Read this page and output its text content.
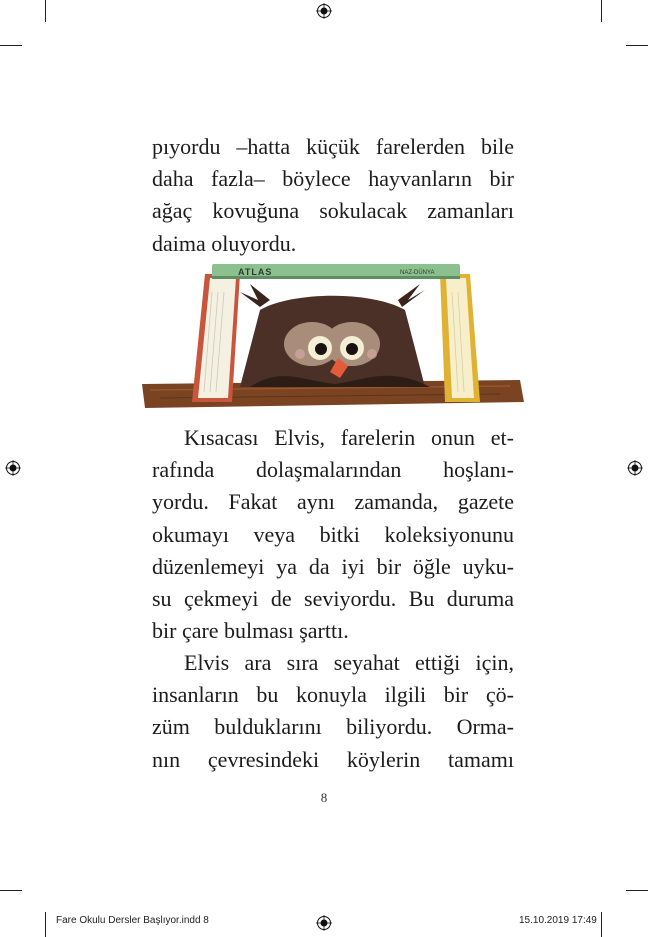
pıyordu –hatta küçük farelerden bile
daha fazla– böylece hayvanların bir
ağaç kovuğuna sokulacak zamanları
daima oluyordu.
ATLAS	NAZ-DÜNYA
Kısacası Elvis, farelerin onun et-
rafında dolaşmalarından hoşlanı-
yordu. Fakat aynı zamanda, gazete
okumayı veya bitki koleksiyonunu
düzenlemeyi ya da iyi bir öğle uyku-
su çekmeyi de seviyordu. Bu duruma
bir çare bulması şarttı.
Elvis ara sıra seyahat ettiği için,
insanların bu konuyla ilgili bir çö-
züm bulduklarını biliyordu. Orma-
nın çevresindeki köylerin tamamı
8
Fare Okulu Dersler Başlıyor.indd 8	15.10.2019 17:49
